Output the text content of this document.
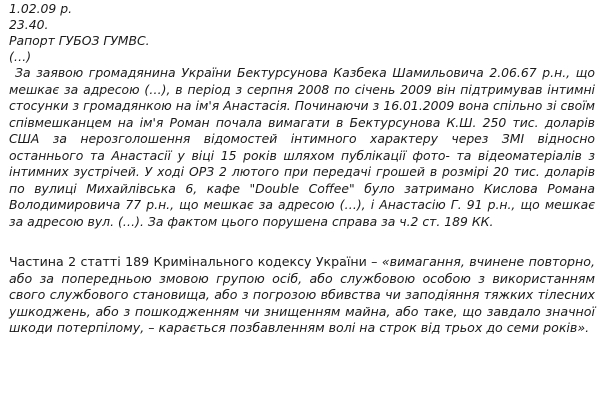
1.02.09 р.
23.40.
Рапорт ГУБОЗ ГУМВС.
(…)
За заявою громадянина України Бектурсунова Казбека Шамильовича 2.06.67 р.н., що мешкає за адресою (…), в період з серпня 2008 по січень 2009 він підтримував інтимні стосунки з громадянкою на ім'я Анастасія. Починаючи з 16.01.2009 вона спільно зі своїм співмешканцем на ім'я Роман почала вимагати в Бектурсунова К.Ш. 250 тис. доларів США за нерозголошення відомостей інтимного характеру через ЗМІ відносно останнього та Анастасії у віці 15 років шляхом публікації фото- та відеоматеріалів з інтимних зустрічей. У ході ОРЗ 2 лютого при передачі грошей в розмірі 20 тис. доларів по вулиці Михайлівська 6, кафе "Double Coffee" було затримано Кислова Романа Володимировича 77 р.н., що мешкає за адресою (…), і Анастасію Г. 91 р.н., що мешкає за адресою вул. (…). За фактом цього порушена справа за ч.2 ст. 189 КК.
Частина 2 статті 189 Кримінального кодексу України – «вимагання, вчинене повторно, або за попередньою змовою групою осіб, або службовою особою з використанням свого службового становища, або з погрозою вбивства чи заподіяння тяжких тілесних ушкоджень, або з пошкодженням чи знищенням майна, або таке, що завдало значної шкоди потерпілому, – карається позбавленням волі на строк від трьох до семи років».
